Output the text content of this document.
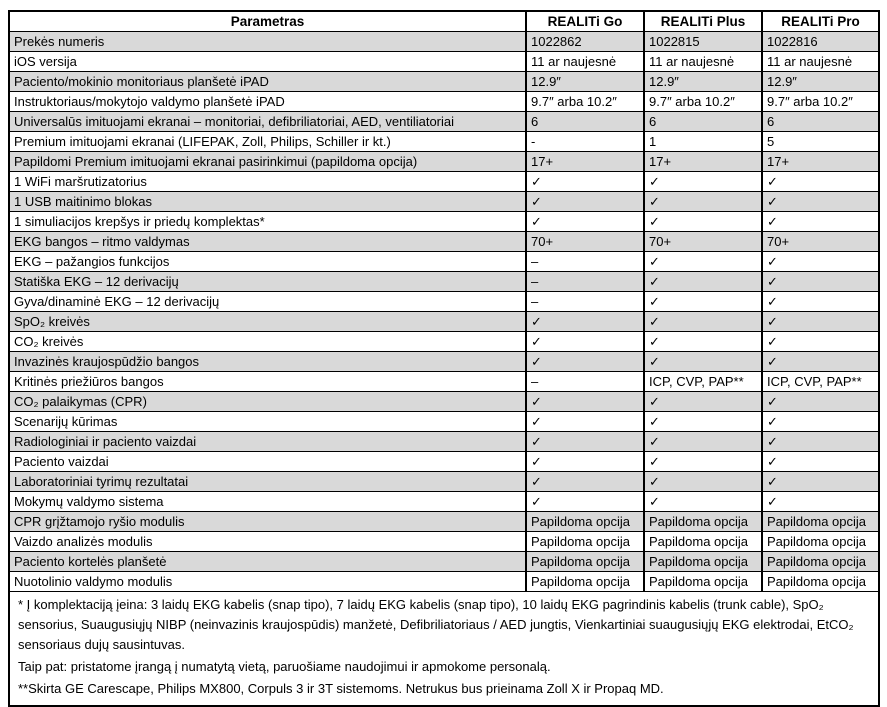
Parametras	REALITi Go	REALITi Plus	REALITi Pro
Prekės numeris	1022862	1022815	1022816
iOS versija	11 ar naujesnė	11 ar naujesnė	11 ar naujesnė
Paciento/mokinio monitoriaus planšetė iPAD	12.9″	12.9″	12.9″
Instruktoriaus/mokytojo valdymo planšetė iPAD	9.7″ arba 10.2″	9.7″ arba 10.2″	9.7″ arba 10.2″
Universalūs imituojami ekranai – monitoriai, defibriliatoriai, AED, ventiliatoriai	6	6	6
Premium imituojami ekranai (LIFEPAK, Zoll, Philips, Schiller ir kt.)	-	1	5
Papildomi Premium imituojami ekranai pasirinkimui (papildoma opcija)	17+	17+	17+
1 WiFi maršrutizatorius	✓	✓	✓
1 USB maitinimo blokas	✓	✓	✓
1 simuliacijos krepšys ir priedų komplektas*	✓	✓	✓
EKG bangos – ritmo valdymas	70+	70+	70+
EKG – pažangios funkcijos	–	✓	✓
Statiška EKG – 12 derivacijų	–	✓	✓
Gyva/dinaminė EKG – 12 derivacijų	–	✓	✓
SpO₂ kreivės	✓	✓	✓
CO₂ kreivės	✓	✓	✓
Invazinės kraujospūdžio bangos	✓	✓	✓
Kritinės priežiūros bangos	–	ICP, CVP, PAP**	ICP, CVP, PAP**
CO₂ palaikymas (CPR)	✓	✓	✓
Scenarijų kūrimas	✓	✓	✓
Radiologiniai ir paciento vaizdai	✓	✓	✓
Paciento vaizdai	✓	✓	✓
Laboratoriniai tyrimų rezultatai	✓	✓	✓
Mokymų valdymo sistema	✓	✓	✓
CPR grįžtamojo ryšio modulis	Papildoma opcija	Papildoma opcija	Papildoma opcija
Vaizdo analizės modulis	Papildoma opcija	Papildoma opcija	Papildoma opcija
Paciento kortelės planšetė	Papildoma opcija	Papildoma opcija	Papildoma opcija
Nuotolinio valdymo modulis	Papildoma opcija	Papildoma opcija	Papildoma opcija

* Į komplektaciją įeina: 3 laidų EKG kabelis (snap tipo), 7 laidų EKG kabelis (snap tipo), 10 laidų EKG pagrindinis kabelis (trunk cable), SpO₂ sensorius, Suaugusiųjų NIBP (neinvazinis kraujospūdis) manžetė, Defibriliatoriaus / AED jungtis, Vienkartiniai suaugusiųjų EKG elektrodai, EtCO₂ sensoriaus dujų sausintuvas.

Taip pat: pristatome įrangą į numatytą vietą, paruošiame naudojimui ir apmokome personalą.

**Skirta GE Carescape, Philips MX800, Corpuls 3 ir 3T sistemoms. Netrukus bus prieinama Zoll X ir Propaq MD.			
